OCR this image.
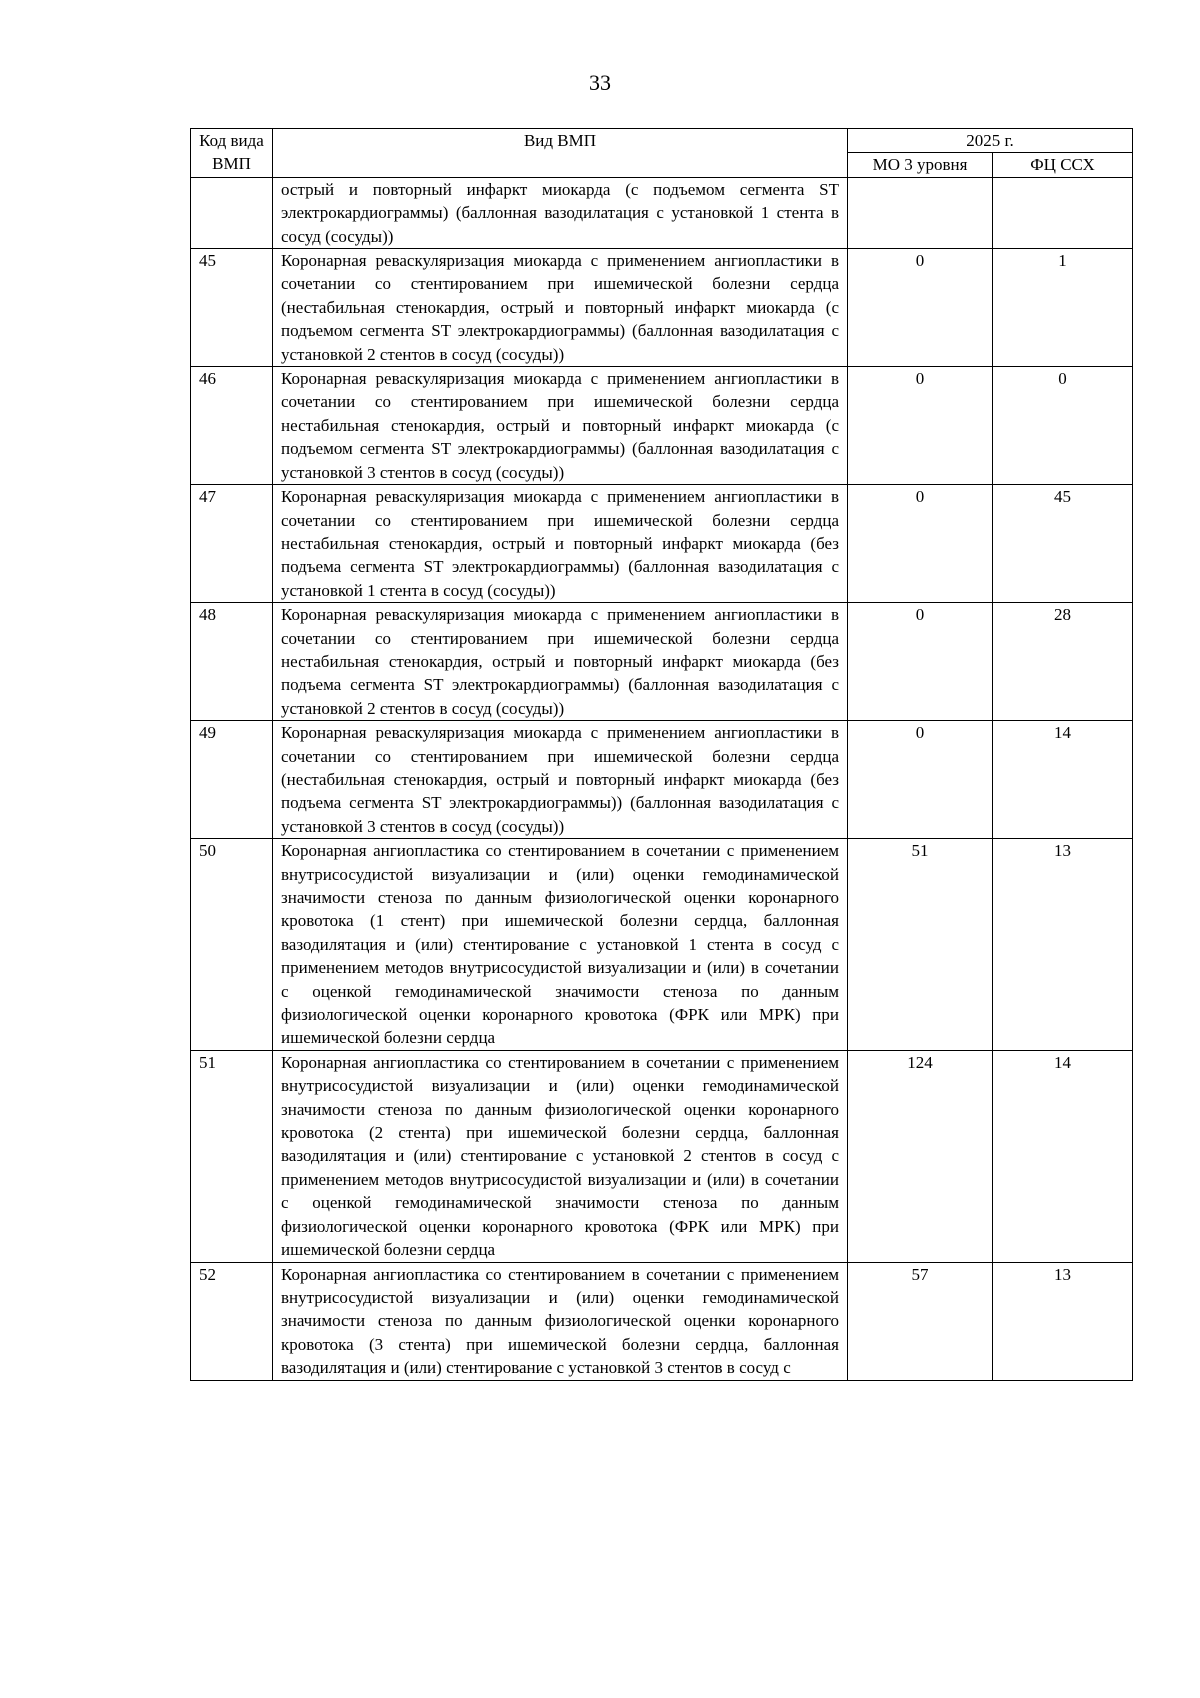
33
Код вида ВМП	Вид ВМП	2025 г.	
		МО 3 уровня	ФЦ ССХ
	острый и повторный инфаркт миокарда (с подъемом сегмента ST электрокардиограммы) (баллонная вазодилатация с установкой 1 стента в сосуд (сосуды))		
45	Коронарная реваскуляризация миокарда с применением ангиопластики в сочетании со стентированием при ишемической болезни сердца (нестабильная стенокардия, острый и повторный инфаркт миокарда (с подъемом сегмента ST электрокардиограммы) (баллонная вазодилатация с установкой 2 стентов в сосуд (сосуды))	0	1
46	Коронарная реваскуляризация миокарда с применением ангиопластики в сочетании со стентированием при ишемической болезни сердца нестабильная стенокардия, острый и повторный инфаркт миокарда (с подъемом сегмента ST электрокардиограммы) (баллонная вазодилатация с установкой 3 стентов в сосуд (сосуды))	0	0
47	Коронарная реваскуляризация миокарда с применением ангиопластики в сочетании со стентированием при ишемической болезни сердца нестабильная стенокардия, острый и повторный инфаркт миокарда (без подъема сегмента ST электрокардиограммы) (баллонная вазодилатация с установкой 1 стента в сосуд (сосуды))	0	45
48	Коронарная реваскуляризация миокарда с применением ангиопластики в сочетании со стентированием при ишемической болезни сердца нестабильная стенокардия, острый и повторный инфаркт миокарда (без подъема сегмента ST электрокардиограммы) (баллонная вазодилатация с установкой 2 стентов в сосуд (сосуды))	0	28
49	Коронарная реваскуляризация миокарда с применением ангиопластики в сочетании со стентированием при ишемической болезни сердца (нестабильная стенокардия, острый и повторный инфаркт миокарда (без подъема сегмента ST электрокардиограммы)) (баллонная вазодилатация с установкой 3 стентов в сосуд (сосуды))	0	14
50	Коронарная ангиопластика со стентированием в сочетании с применением внутрисосудистой визуализации и (или) оценки гемодинамической значимости стеноза по данным физиологической оценки коронарного кровотока (1 стент) при ишемической болезни сердца, баллонная вазодилятация и (или) стентирование с установкой 1 стента в сосуд с применением методов внутрисосудистой визуализации и (или) в сочетании с оценкой гемодинамической значимости стеноза по данным физиологической оценки коронарного кровотока (ФРК или МРК) при ишемической болезни сердца	51	13
51	Коронарная ангиопластика со стентированием в сочетании с применением внутрисосудистой визуализации и (или) оценки гемодинамической значимости стеноза по данным физиологической оценки коронарного кровотока (2 стента) при ишемической болезни сердца, баллонная вазодилятация и (или) стентирование с установкой 2 стентов в сосуд с применением методов внутрисосудистой визуализации и (или) в сочетании с оценкой гемодинамической значимости стеноза по данным физиологической оценки коронарного кровотока (ФРК или МРК) при ишемической болезни сердца	124	14
52	Коронарная ангиопластика со стентированием в сочетании с применением внутрисосудистой визуализации и (или) оценки гемодинамической значимости стеноза по данным физиологической оценки коронарного кровотока (3 стента) при ишемической болезни сердца, баллонная вазодилятация и (или) стентирование с установкой 3 стентов в сосуд с	57	13
